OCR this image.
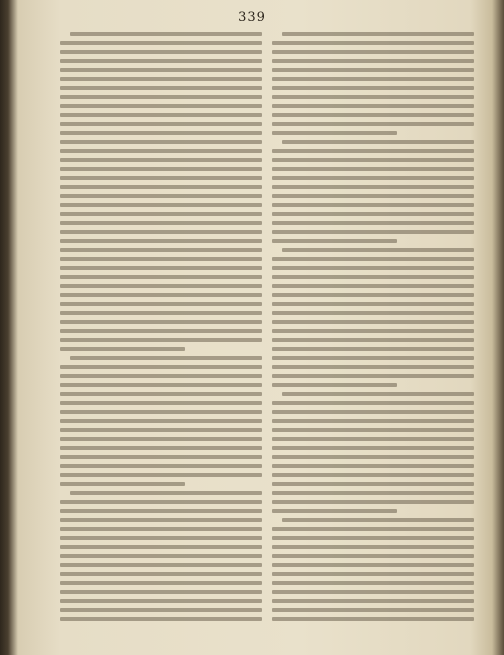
339
